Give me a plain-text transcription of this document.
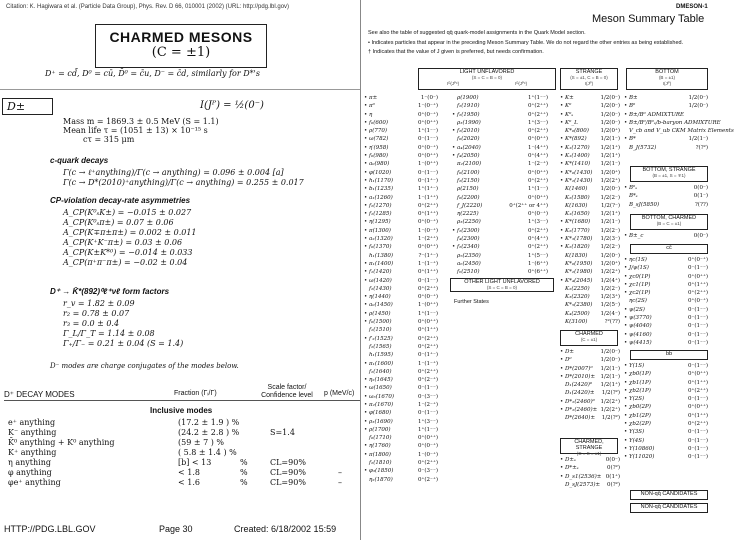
Citation: K. Hagiwara et al. (Particle Data Group), Phys. Rev. D 66, 010001 (2002) (URL: http://pdg.lbl.gov)
CHARMED MESONS
(C = ±1)
D⁺ = cd̄, D⁰ = cū, D̄⁰ = c̄u, D⁻ = c̄d, similarly for D*'s
D±	I(Jᴾ) = ½(0⁻)
Mass m = 1869.3 ± 0.5 MeV (S = 1.1)
Mean life τ = (1051 ± 13) × 10⁻¹⁵ s
cτ = 315 μm
c-quark decays
Γ(c → ℓ⁺anything)/Γ(c → anything) = 0.096 ± 0.004 [a]
Γ(c → D*(2010)⁺anything)/Γ(c → anything) = 0.255 ± 0.017
CP-violation decay-rate asymmetries
A_CP(K⁰ₛK±) = −0.015 ± 0.027
A_CP(K⁰ₛπ±) = 0.07 ± 0.06
A_CP(K∓π±π±) = 0.002 ± 0.011
A_CP(K⁺K⁻π±) = 0.03 ± 0.06
A_CP(K±K*⁰) = −0.014 ± 0.033
A_CP(π⁺π⁻π±) = −0.02 ± 0.04
D⁺ → K̄*(892)⁰ℓ⁺νℓ form factors
r_v = 1.82 ± 0.09
r₂ = 0.78 ± 0.07
r₃ = 0.0 ± 0.4
Γ_L/Γ_T = 1.14 ± 0.08
Γ₊/Γ₋ = 0.21 ± 0.04 (S = 1.4)
D⁻ modes are charge conjugates of the modes below.
D⁺ DECAY MODES	Fraction (Γᵢ/Γ)
Scale factor/ Confidence level	p (MeV/c)
Inclusive modes
e⁺ anything	(17.2 ± 1.9 ) %
K⁻ anything	(24.2 ± 2.8 ) %	S=1.4
K̄⁰ anything + K⁰ anything	(59 ± 7 ) %
K⁺ anything	( 5.8 ± 1.4 ) %
η anything	[b] < 13	%	CL=90%
φ anything	< 1.8	%	CL=90%	–
φe⁺ anything	< 1.6	%	CL=90%	–
HTTP://PDG.LBL.GOV	Page 30	Created: 6/18/2002 15:59
DMESON-1
Meson Summary Table
See also the table of suggested qq̄ quark-model assignments in the Quark Model section.
• Indicates particles that appear in the preceding Meson Summary Table. We do not regard the other entries as being established.
† Indicates that the value of J given is preferred, but needs confirmation.
LIGHT UNFLAVORED
(S = C = B = 0)
Iᴳ(Jᴾᶜ)	Iᴳ(Jᴾᶜ)
STRANGE
(S = ±1, C = B = 0)
I(Jᴾ)
BOTTOM
(B = ±1)
I(Jᴾ)
• π±	1⁻(0⁻)
• π⁰	1⁻(0⁻⁺)
• η	0⁺(0⁻⁺)
• f₀(600)	0⁺(0⁺⁺)
• ρ(770)	1⁺(1⁻⁻)
• ω(782)	0⁻(1⁻⁻)
• η′(958)	0⁺(0⁻⁺)
• f₀(980)	0⁺(0⁺⁺)
• a₀(980)	1⁻(0⁺⁺)
• φ(1020)	0⁻(1⁻⁻)
• h₁(1170)	0⁻(1⁺⁻)
• b₁(1235)	1⁺(1⁺⁻)
• a₁(1260)	1⁻(1⁺⁺)
• f₂(1270)	0⁺(2⁺⁺)
• f₁(1285)	0⁺(1⁺⁺)
• η(1295)	0⁺(0⁻⁺)
• π(1300)	1⁻(0⁻⁺)
• a₂(1320)	1⁻(2⁺⁺)
• f₀(1370)	0⁺(0⁺⁺)
h₁(1380)	?⁻(1⁺⁻)
• π₁(1400)	1⁻(1⁻⁺)
• f₁(1420)	0⁺(1⁺⁺)
• ω(1420)	0⁻(1⁻⁻)
f₂(1430)	0⁺(2⁺⁺)
• η(1440)	0⁺(0⁻⁺)
• a₀(1450)	1⁻(0⁺⁺)
• ρ(1450)	1⁺(1⁻⁻)
• f₀(1500)	0⁺(0⁺⁺)
f₁(1510)	0⁺(1⁺⁺)
• f′₂(1525)	0⁺(2⁺⁺)
f₂(1565)	0⁺(2⁺⁺)
h₁(1595)	0⁻(1⁺⁻)
• π₁(1600)	1⁻(1⁻⁺)
f₂(1640)	0⁺(2⁺⁺)
• η₂(1645)	0⁺(2⁻⁺)
• ω(1650)	0⁻(1⁻⁻)
• ω₃(1670)	0⁻(3⁻⁻)
• π₂(1670)	1⁻(2⁻⁺)
• φ(1680)	0⁻(1⁻⁻)
• ρ₃(1690)	1⁺(3⁻⁻)
• ρ(1700)	1⁺(1⁻⁻)
f₀(1710)	0⁺(0⁺⁺)
• η(1760)	0⁺(0⁻⁺)
• π(1800)	1⁻(0⁻⁺)
f₂(1810)	0⁺(2⁺⁺)
• φ₃(1850)	0⁻(3⁻⁻)
η₂(1870)	0⁺(2⁻⁺)
ρ(1900)	1⁺(1⁻⁻)
f₂(1910)	0⁺(2⁺⁺)
• f₂(1950)	0⁺(2⁺⁺)
ρ₃(1990)	1⁺(3⁻⁻)
• f₂(2010)	0⁺(2⁺⁺)
f₀(2020)	0⁺(0⁺⁺)
• a₄(2040)	1⁻(4⁺⁺)
• f₄(2050)	0⁺(4⁺⁺)
π₂(2100)	1⁻(2⁻⁺)
f₀(2100)	0⁺(0⁺⁺)
f₂(2150)	0⁺(2⁺⁺)
ρ(2150)	1⁺(1⁻⁻)
f₀(2200)	0⁺(0⁺⁺)
f_J(2220)	0⁺(2⁺⁺ or 4⁺⁺)
η(2225)	0⁺(0⁻⁺)
ρ₃(2250)	1⁺(3⁻⁻)
• f₂(2300)	0⁺(2⁺⁺)
f₄(2300)	0⁺(4⁺⁺)
• f₂(2340)	0⁺(2⁺⁺)
ρ₅(2350)	1⁺(5⁻⁻)
a₆(2450)	1⁻(6⁺⁺)
f₆(2510)	0⁺(6⁺⁺)
OTHER LIGHT UNFLAVORED
(S = C = B = 0)
Further States
• K±	1/2(0⁻)
• K⁰	1/2(0⁻)
• K⁰ₛ	1/2(0⁻)
• K⁰_L	1/2(0⁻)
K*₀(800) 1/2(0⁺)
• K*(892)	1/2(1⁻)
• K₁(1270) 1/2(1⁺)
• K₁(1400) 1/2(1⁺)
• K*(1410) 1/2(1⁻)
• K*₀(1430) 1/2(0⁺)
• K*₂(1430) 1/2(2⁺)
K(1460) 1/2(0⁻)
K₂(1580) 1/2(2⁻)
K(1630) 1/2(?⁻)
K₁(1650) 1/2(1⁺)
• K*(1680) 1/2(1⁻)
• K₂(1770) 1/2(2⁻)
• K*₃(1780) 1/2(3⁻)
• K₂(1820) 1/2(2⁻)
K(1830) 1/2(0⁻)
K*₀(1950) 1/2(0⁺)
K*₂(1980) 1/2(2⁺)
• K*₄(2045) 1/2(4⁺)
K₂(2250) 1/2(2⁻)
K₃(2320) 1/2(3⁺)
K*₅(2380) 1/2(5⁻)
K₄(2500) 1/2(4⁻)
K(3100)	?²(??)
CHARMED
(C = ±1)
• D±	1/2(0⁻)
• D⁰	1/2(0⁻)
• D*(2007)⁰ 1/2(1⁻)
• D*(2010)± 1/2(1⁻)
D₁(2420)⁰ 1/2(1⁺)
D₁(2420)± 1/2(?²)
• D*₂(2460)⁰ 1/2(2⁺)
• D*₂(2460)± 1/2(2⁺)
D*(2640)± 1/2(?²)
CHARMED, STRANGE
(C = S = ±1)
• D±ₛ	0(0⁻)
• D*±ₛ	0(?²)
• D_s1(2536)± 0(1⁺)
D_sJ(2573)± 0(?²)
• B±	1/2(0⁻)
• B⁰	1/2(0⁻)
• B±/B⁰ ADMIXTURE
• B±/B⁰/B⁰ₛ/b-baryon ADMIXTURE
V_cb and V_ub CKM Matrix Elements
• B*	1/2(1⁻)
B_J(5732)	?(?²)
BOTTOM, STRANGE
(B = ±1, S = ∓1)
• B⁰ₛ	0(0⁻)
B*ₛ	0(1⁻)
B_sJ(5850)	?(??)
BOTTOM, CHARMED
(B = C = ±1)
• B±_c	0(0⁻)
cc̄
• ηc(1S)	0⁺(0⁻⁺)
• J/ψ(1S)	0⁻(1⁻⁻)
• χc0(1P)	0⁺(0⁺⁺)
• χc1(1P)	0⁺(1⁺⁺)
• χc2(1P)	0⁺(2⁺⁺)
ηc(2S)	0⁺(0⁻⁺)
• ψ(2S)	0⁻(1⁻⁻)
• ψ(3770)	0⁻(1⁻⁻)
• ψ(4040)	0⁻(1⁻⁻)
• ψ(4160)	0⁻(1⁻⁻)
• ψ(4415)	0⁻(1⁻⁻)
bb̄
• Υ(1S)	0⁻(1⁻⁻)
• χb0(1P)	0⁺(0⁺⁺)
• χb1(1P)	0⁺(1⁺⁺)
• χb2(1P)	0⁺(2⁺⁺)
• Υ(2S)	0⁻(1⁻⁻)
• χb0(2P)	0⁺(0⁺⁺)
• χb1(2P)	0⁺(1⁺⁺)
• χb2(2P)	0⁺(2⁺⁺)
• Υ(3S)	0⁻(1⁻⁻)
• Υ(4S)	0⁻(1⁻⁻)
• Υ(10860)	0⁻(1⁻⁻)
• Υ(11020)	0⁻(1⁻⁻)
NON-qq̄ CANDIDATES
NON-qq̄ CANDIDATES
